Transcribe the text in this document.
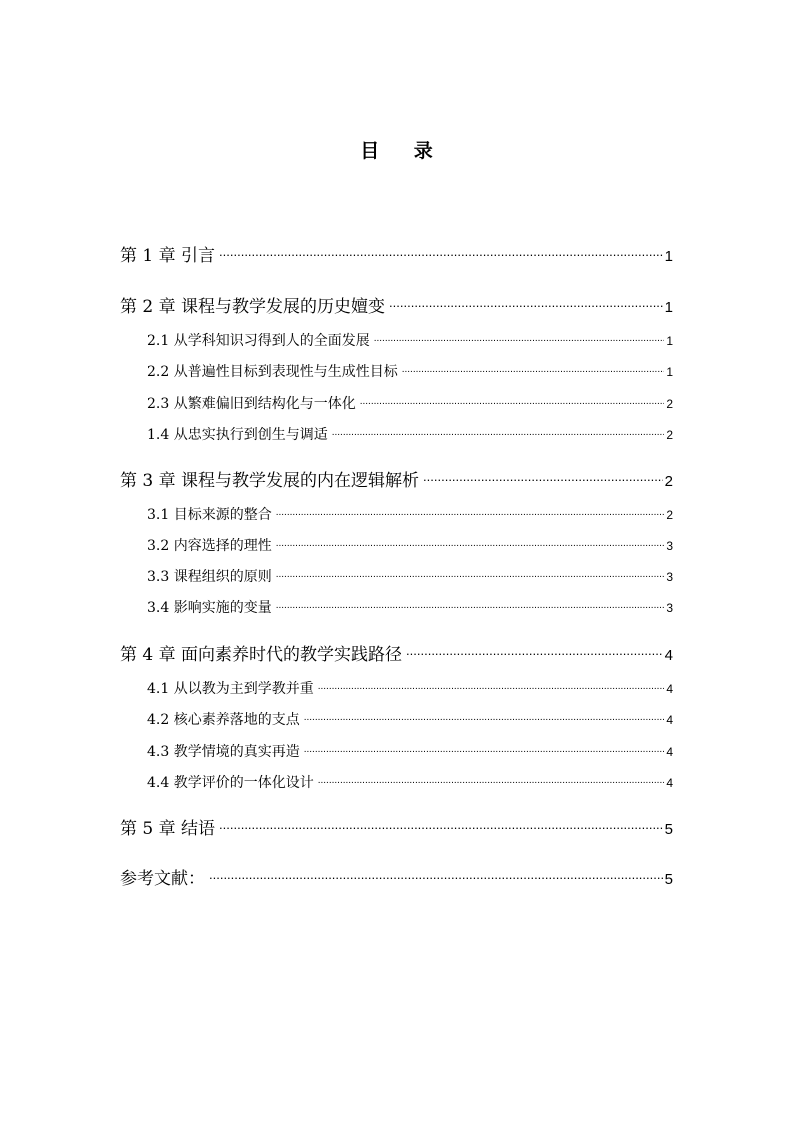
目 录
第 1 章 引言 .....	1
第 2 章 课程与教学发展的历史嬗变 .....	1
2.1 从学科知识习得到人的全面发展 .....	1
2.2 从普遍性目标到表现性与生成性目标 .....	1
2.3 从繁难偏旧到结构化与一体化 .....	2
1.4 从忠实执行到创生与调适 .....	2
第 3 章 课程与教学发展的内在逻辑解析 .....	2
3.1 目标来源的整合 .....	2
3.2 内容选择的理性 .....	3
3.3 课程组织的原则 .....	3
3.4 影响实施的变量 .....	3
第 4 章 面向素养时代的教学实践路径 .....	4
4.1 从以教为主到学教并重 .....	4
4.2 核心素养落地的支点 .....	4
4.3 教学情境的真实再造 .....	4
4.4 教学评价的一体化设计 .....	4
第 5 章 结语 .....	5
参考文献： .....	5
